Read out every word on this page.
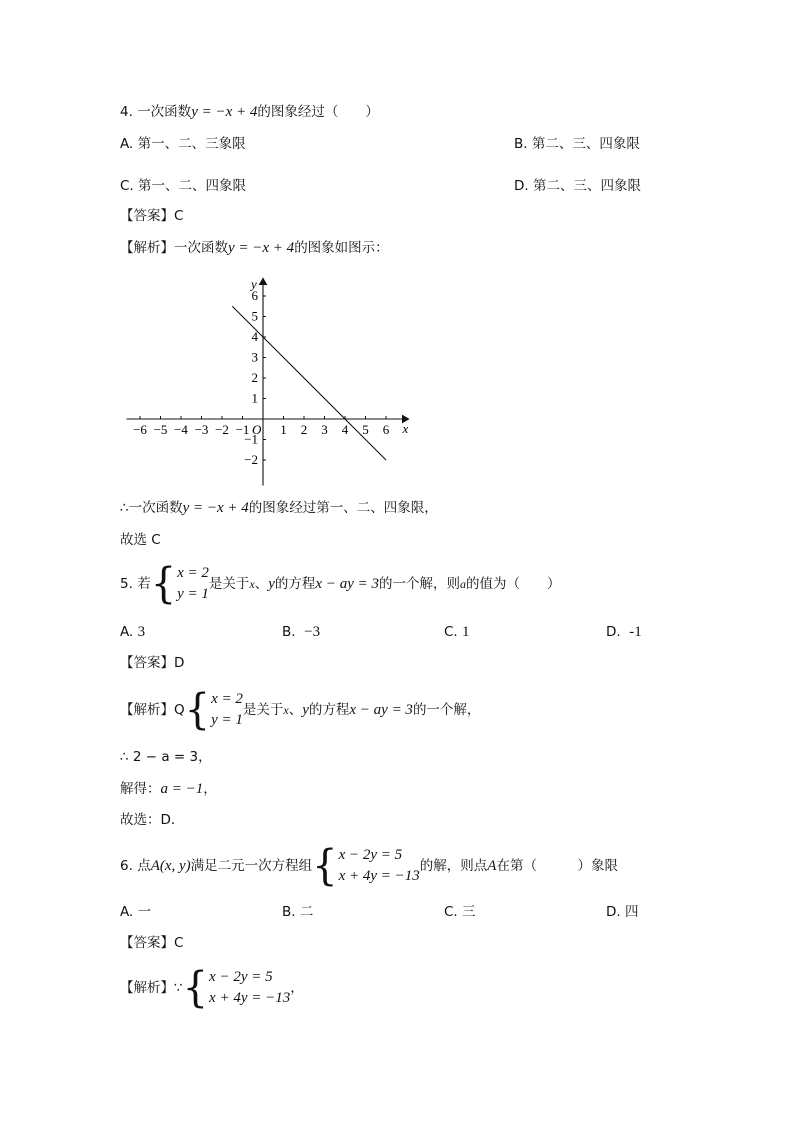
4. 一次函数y = −x + 4的图象经过（　　）
A. 第一、二、三象限	B. 第二、三、四象限
C. 第一、二、四象限	D. 第二、三、四象限
【答案】C
【解析】一次函数y = −x + 4的图象如图示：
x
y
O
−6 −5 −4 −3 −2 −1 1 2 3 4 5 6
6
5
4
3
2
1
−1
−2
∴一次函数y = −x + 4的图象经过第一、二、四象限，
故选 C
5. 若 { x = 2
y = 1
是关于x、y的方程x − ay = 3的一个解，则a的值为（　　）
A. 3	B. −3	C. 1	D. -1
【答案】D
【解析】Q { x = 2
y = 1
是关于x、y的方程x − ay = 3的一个解，
∴ 2 − a = 3，
解得：a = −1，
故选：D．
6. 点A(x, y)满足二元一次方程组 { x − 2y = 5
x + 4y = −13
的解，则点A在第（　　　）象限
A. 一	B. 二	C. 三	D. 四
【答案】C
【解析】∵ { x − 2y = 5
x + 4y = −13
，
